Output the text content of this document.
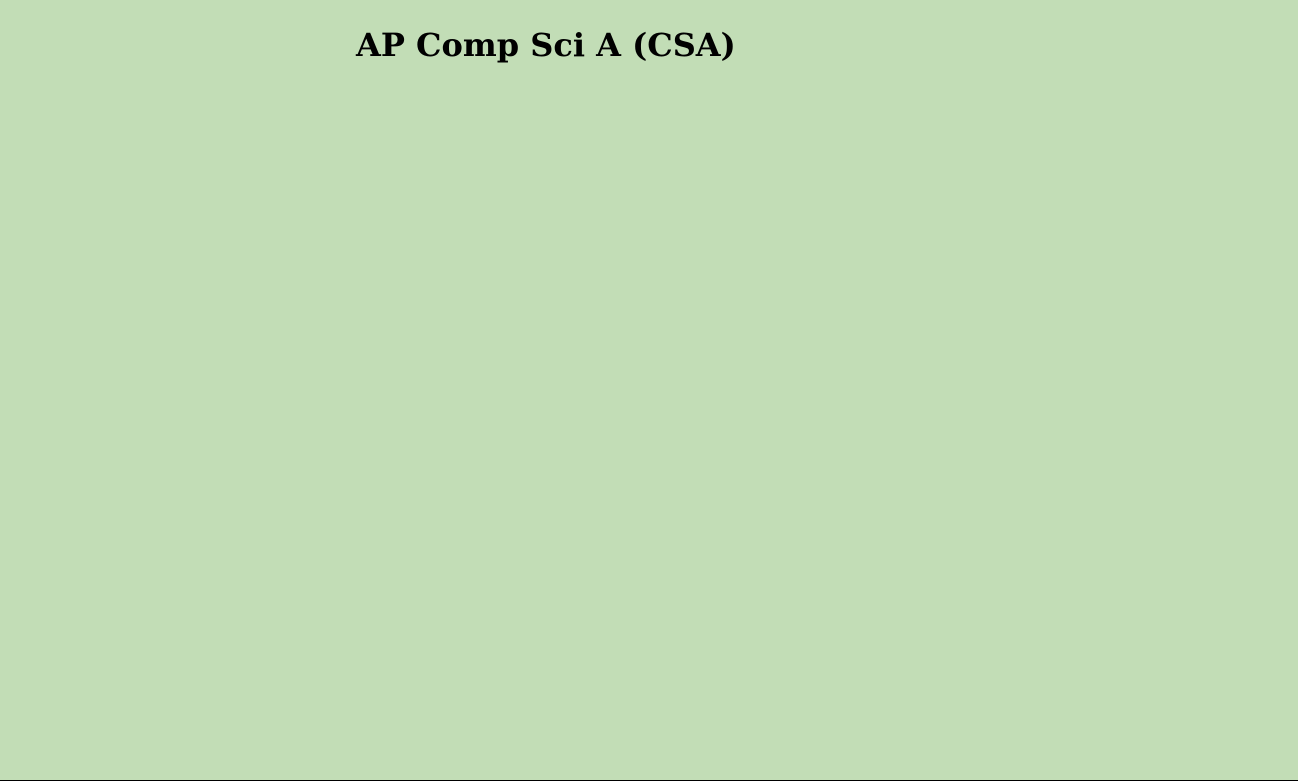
AP Comp Sci A (CSA)
